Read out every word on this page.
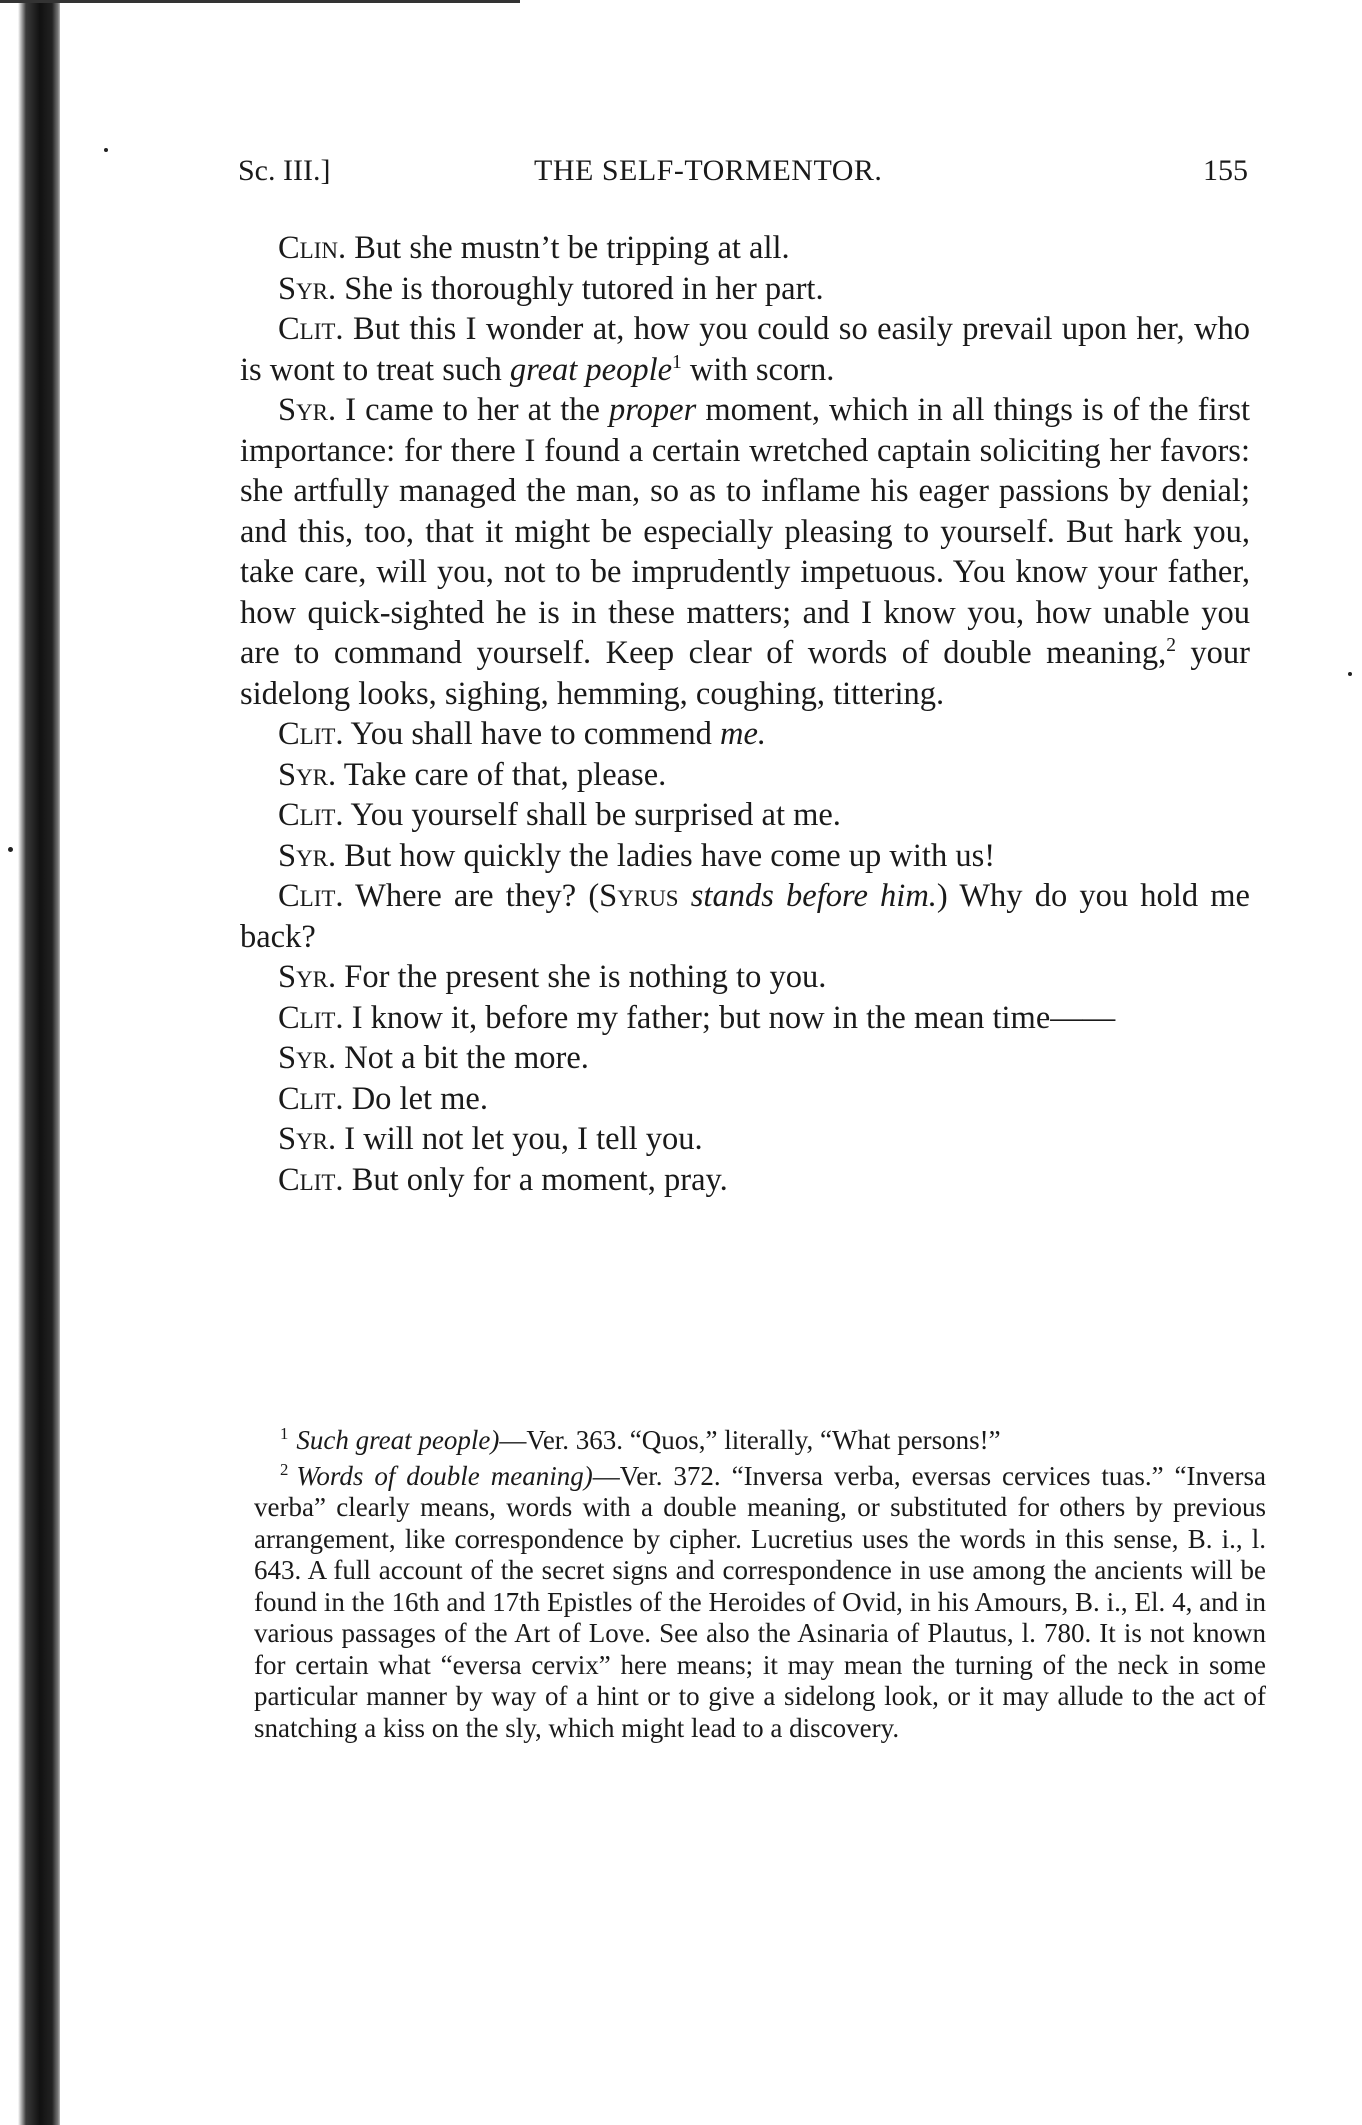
Sc. III.]	THE SELF-TORMENTOR.	155

Clin. But she mustn’t be tripping at all.

Syr. She is thoroughly tutored in her part.

Clit. But this I wonder at, how you could so easily prevail upon her, who is wont to treat such great people$^1$ with scorn.

Syr. I came to her at the proper moment, which in all things is of the first importance: for there I found a certain wretched captain soliciting her favors: she artfully managed the man, so as to inflame his eager passions by denial; and this, too, that it might be especially pleasing to yourself. But hark you, take care, will you, not to be imprudently impetuous. You know your father, how quick-sighted he is in these matters; and I know you, how unable you are to command yourself. Keep clear of words of double meaning,$^2$ your sidelong looks, sighing, hemming, coughing, tittering.

Clit. You shall have to commend me.

Syr. Take care of that, please.

Clit. You yourself shall be surprised at me.

Syr. But how quickly the ladies have come up with us!

Clit. Where are they? (Syrus stands before him.) Why do you hold me back?

Syr. For the present she is nothing to you.

Clit. I know it, before my father; but now in the mean time——

Syr. Not a bit the more.

Clit. Do let me.

Syr. I will not let you, I tell you.

Clit. But only for a moment, pray.

$^1$ Such great people)—Ver. 363. “Quos,” literally, “What persons!”

$^2$ Words of double meaning)—Ver. 372. “Inversa verba, eversas cervices tuas.” “Inversa verba” clearly means, words with a double meaning, or substituted for others by previous arrangement, like correspondence by cipher. Lucretius uses the words in this sense, B. i., l. 643. A full account of the secret signs and correspondence in use among the ancients will be found in the 16th and 17th Epistles of the Heroides of Ovid, in his Amours, B. i., El. 4, and in various passages of the Art of Love. See also the Asinaria of Plautus, l. 780. It is not known for certain what “eversa cervix” here means; it may mean the turning of the neck in some particular manner by way of a hint or to give a sidelong look, or it may allude to the act of snatching a kiss on the sly, which might lead to a discovery.
